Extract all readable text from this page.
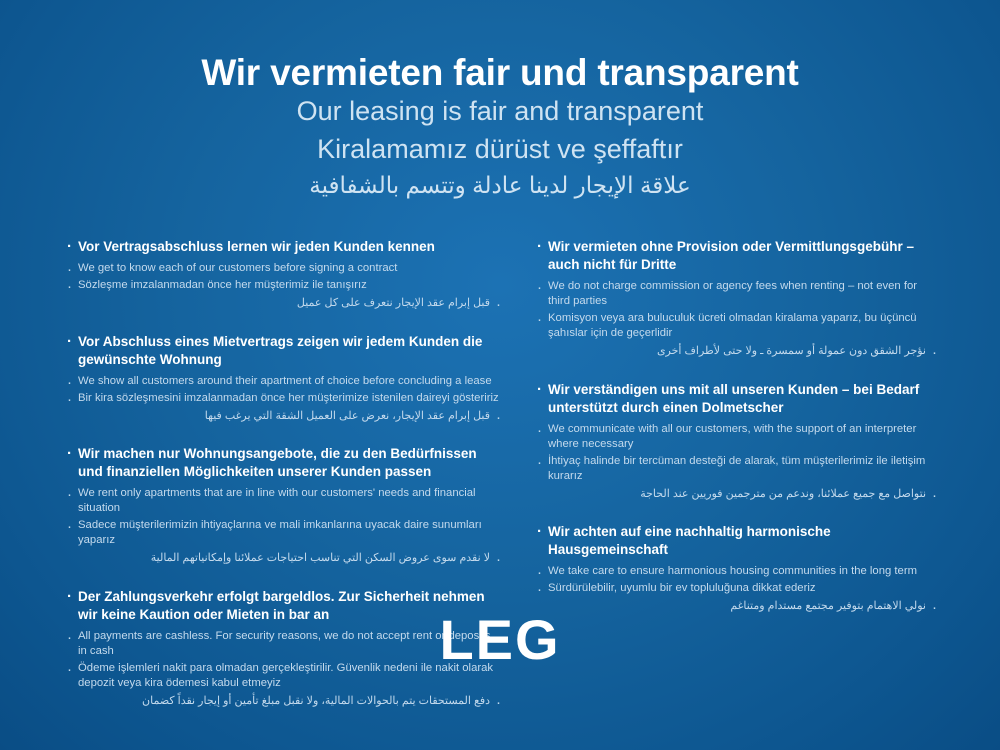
Wir vermieten fair und transparent
Our leasing is fair and transparent
Kiralamamız dürüst ve şeffaftır
علاقة الإيجار لدينا عادلة وتتسم بالشفافية
· Vor Vertragsabschluss lernen wir jeden Kunden kennen
· We get to know each of our customers before signing a contract
· Sözleşme imzalanmadan önce her müşterimiz ile tanışırız
· قبل إبرام عقد الإيجار نتعرف على كل عميل
· Vor Abschluss eines Mietvertrags zeigen wir jedem Kunden die gewünschte Wohnung
· We show all customers around their apartment of choice before concluding a lease
· Bir kira sözleşmesini imzalanmadan önce her müşterimize istenilen daireyi gösteririz
· قبل إبرام عقد الإيجار، نعرض على العميل الشقة التي يرغب فيها
· Wir machen nur Wohnungsangebote, die zu den Bedürfnissen und finanziellen Möglichkeiten unserer Kunden passen
· We rent only apartments that are in line with our customers' needs and financial situation
· Sadece müşterilerimizin ihtiyaçlarına ve mali imkanlarına uyacak daire sunumları yaparız
· لا نقدم سوى عروض السكن التي تناسب احتياجات عملائنا وإمكانياتهم المالية
· Der Zahlungsverkehr erfolgt bargeldlos. Zur Sicherheit nehmen wir keine Kaution oder Mieten in bar an
· All payments are cashless. For security reasons, we do not accept rent or deposits in cash
· Ödeme işlemleri nakit para olmadan gerçekleştirilir. Güvenlik nedeni ile nakit olarak depozit veya kira ödemesi kabul etmeyiz
· دفع المستحقات يتم بالحوالات المالية، ولا نقبل مبلغ تأمين أو إيجار نقداً كضمان
· Wir vermieten ohne Provision oder Vermittlungsgebühr – auch nicht für Dritte
· We do not charge commission or agency fees when renting – not even for third parties
· Komisyon veya ara buluculuk ücreti olmadan kiralama yaparız, bu üçüncü şahıslar için de geçerlidir
· نؤجر الشقق دون عمولة أو سمسرة ـ ولا حتى لأطراف أخرى
· Wir verständigen uns mit all unseren Kunden – bei Bedarf unterstützt durch einen Dolmetscher
· We communicate with all our customers, with the support of an interpreter where necessary
· İhtiyaç halinde bir tercüman desteği de alarak, tüm müşterilerimiz ile iletişim kurarız
· نتواصل مع جميع عملائنا، وندعم من مترجمين فوريين عند الحاجة
· Wir achten auf eine nachhaltig harmonische Hausgemeinschaft
· We take care to ensure harmonious housing communities in the long term
· Sürdürülebilir, uyumlu bir ev topluluğuna dikkat ederiz
· نولي الاهتمام بتوفير مجتمع مستدام ومتناغم
LEG
